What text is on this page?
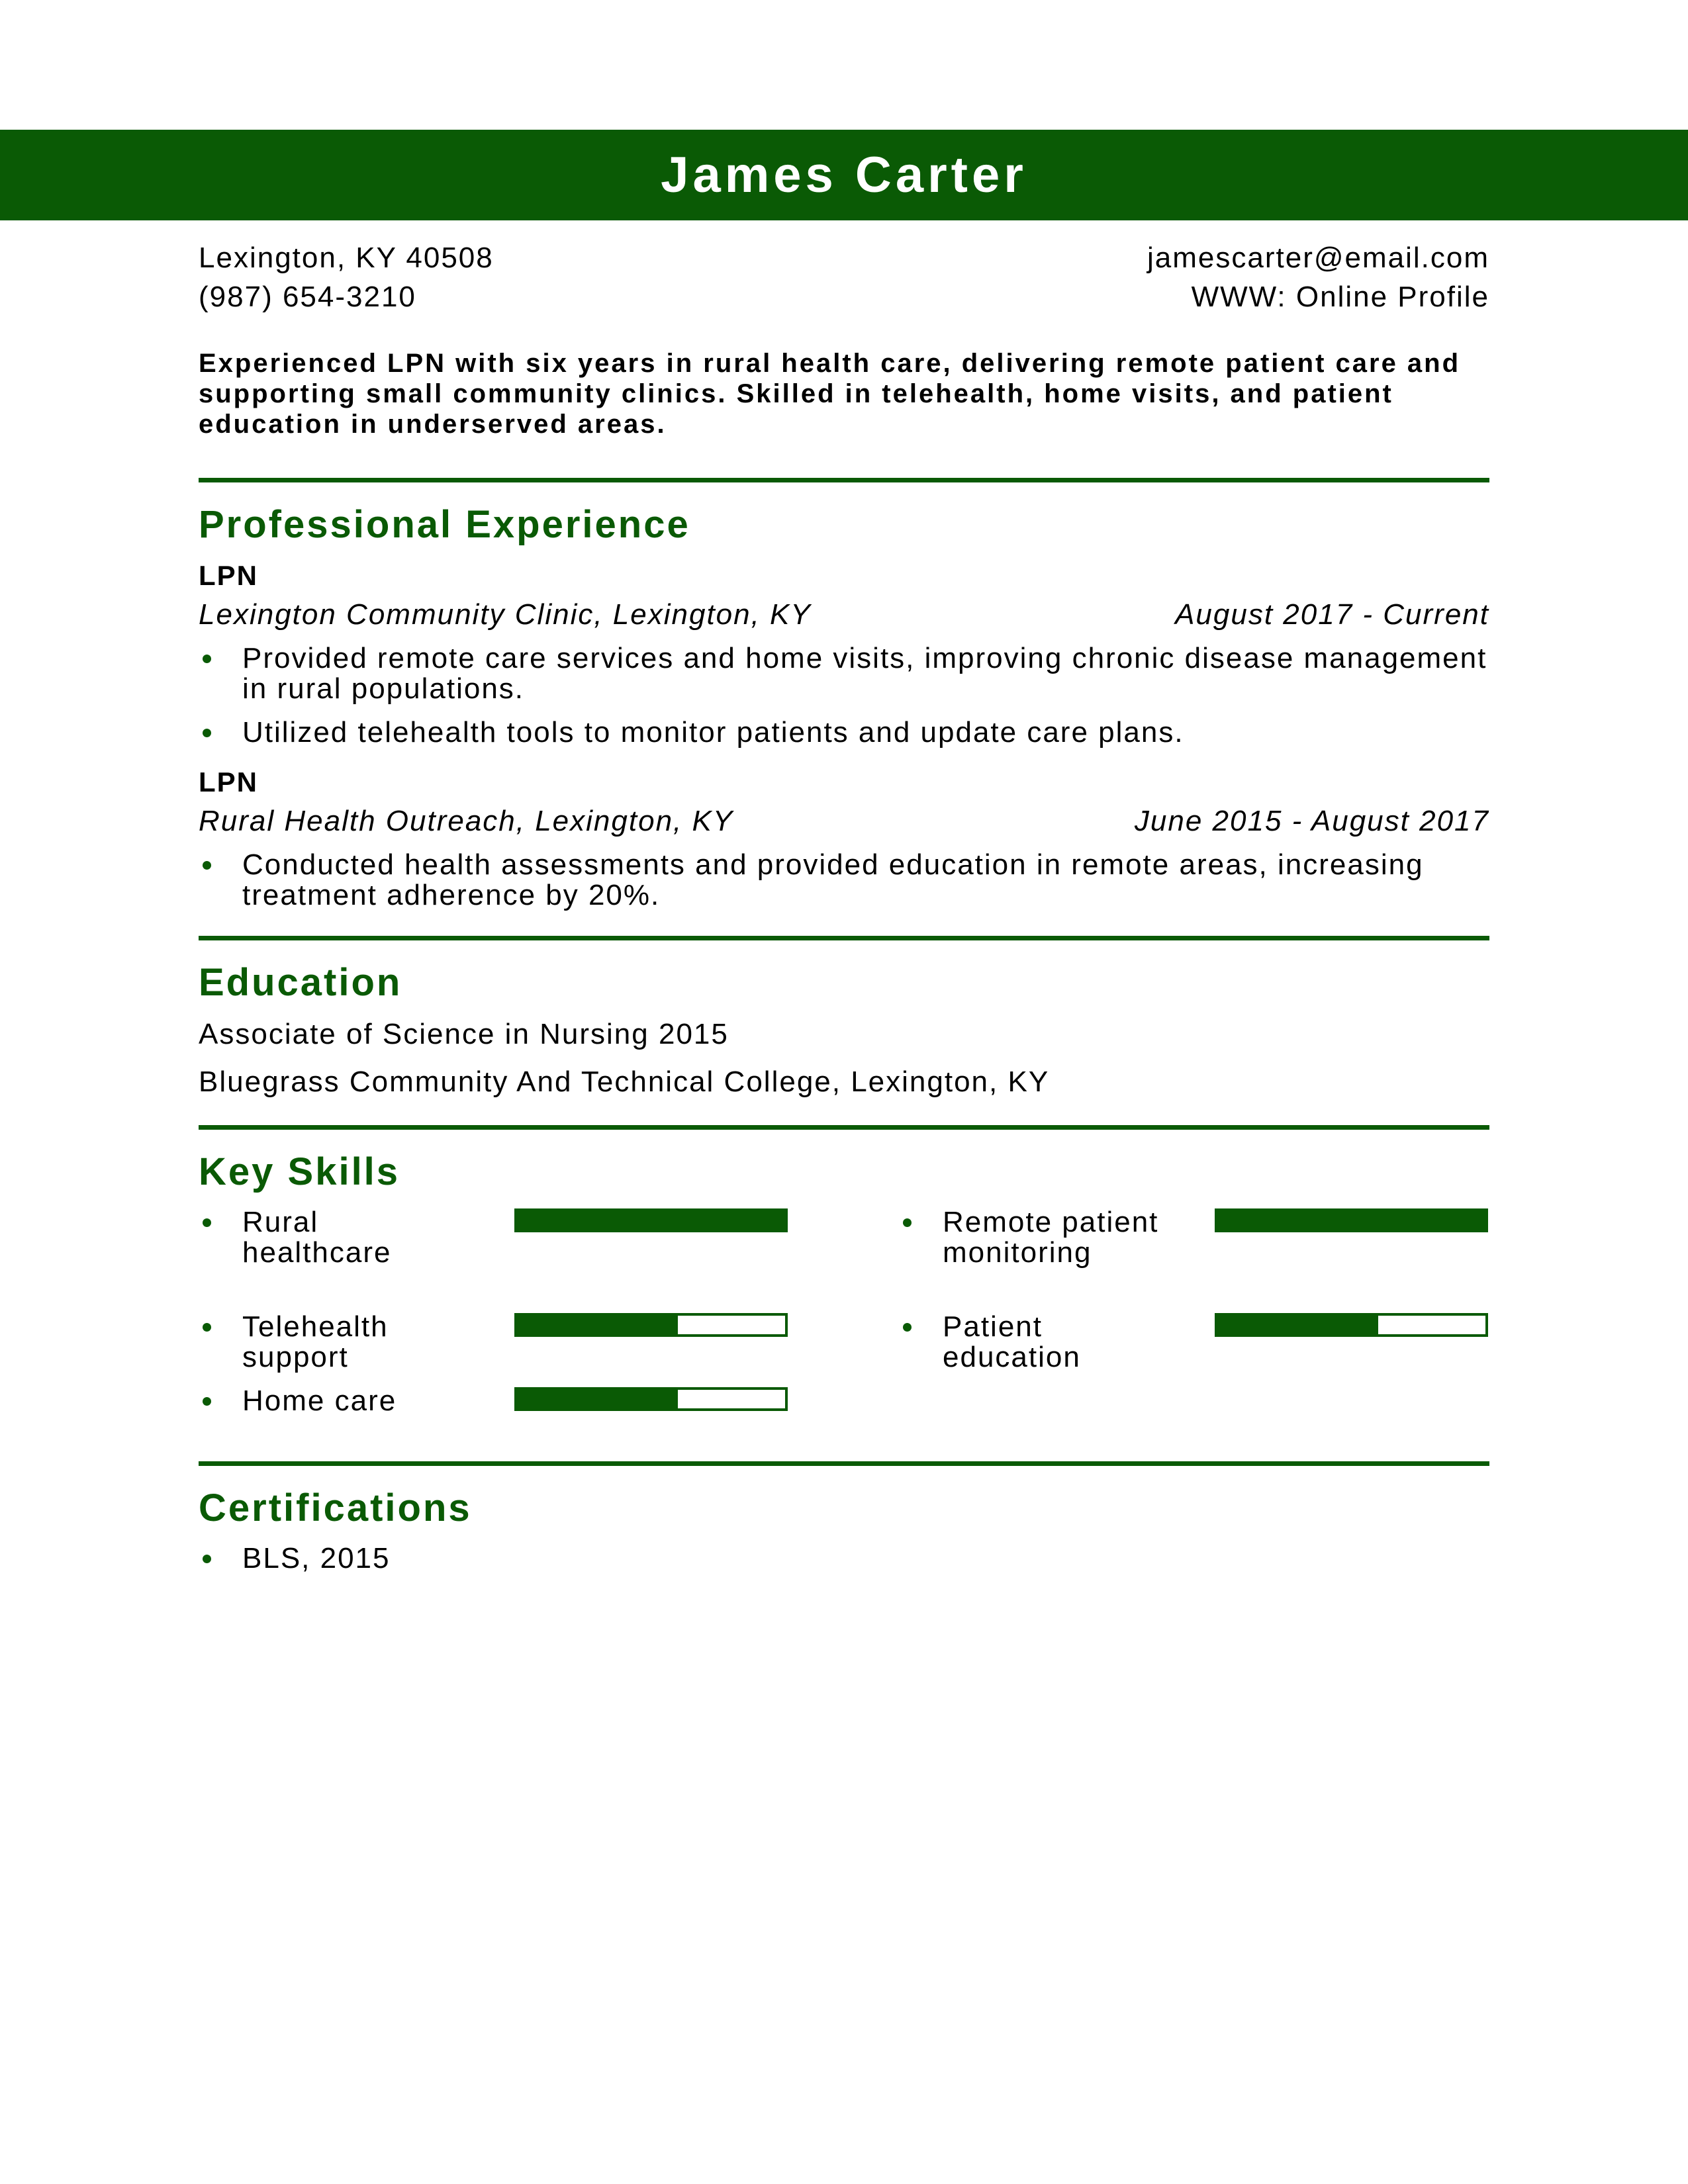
James Carter
Lexington, KY 40508	jamescarter@email.com
(987) 654-3210	WWW: Online Profile
Experienced LPN with six years in rural health care, delivering remote patient care and supporting small community clinics. Skilled in telehealth, home visits, and patient education in underserved areas.
Professional Experience
LPN
Lexington Community Clinic, Lexington, KY	August 2017 - Current
Provided remote care services and home visits, improving chronic disease management in rural populations.
Utilized telehealth tools to monitor patients and update care plans.
LPN
Rural Health Outreach, Lexington, KY	June 2015 - August 2017
Conducted health assessments and provided education in remote areas, increasing treatment adherence by 20%.
Education
Associate of Science in Nursing 2015
Bluegrass Community And Technical College, Lexington, KY
Key Skills
Rural healthcare
Remote patient monitoring
Telehealth support
Patient education
Home care
Certifications
BLS, 2015
